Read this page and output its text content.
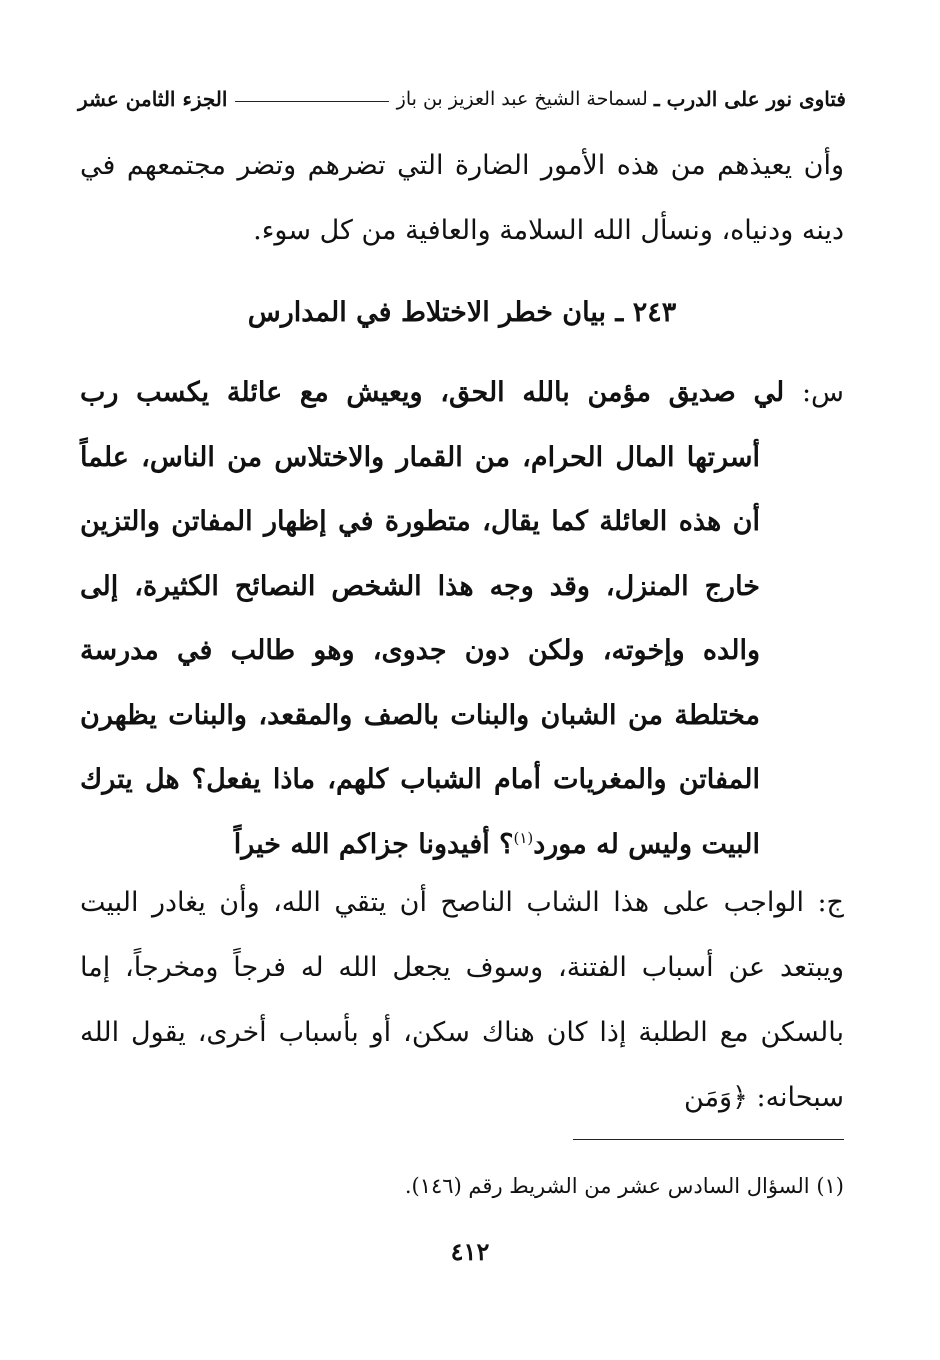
فتاوى نور على الدرب ـ
لسماحة الشيخ عبد العزيز بن باز
الجزء الثامن عشر

وأن يعيذهم من هذه الأمور الضارة التي تضرهم وتضر مجتمعهم في دينه ودنياه، ونسأل الله السلامة والعافية من كل سوء.

٢٤٣ ـ بيان خطر الاختلاط في المدارس
س: لي صديق مؤمن بالله الحق، ويعيش مع عائلة يكسب رب
أسرتها المال الحرام، من القمار والاختلاس من الناس، علماً أن هذه العائلة كما يقال، متطورة في إظهار المفاتن والتزين خارج المنزل، وقد وجه هذا الشخص النصائح الكثيرة، إلى والده وإخوته، ولكن دون جدوى، وهو طالب في مدرسة مختلطة من الشبان والبنات بالصف والمقعد، والبنات يظهرن المفاتن والمغريات أمام الشباب كلهم، ماذا يفعل؟ هل يترك البيت وليس له مورد$^{(١)}$؟ أفيدونا جزاكم الله خيراً

ج: الواجب على هذا الشاب الناصح أن يتقي الله، وأن يغادر البيت ويبتعد عن أسباب الفتنة، وسوف يجعل الله له فرجاً ومخرجاً، إما بالسكن مع الطلبة إذا كان هناك سكن، أو بأسباب أخرى، يقول الله سبحانه: ﴿وَمَن

(١) السؤال السادس عشر من الشريط رقم (١٤٦).

٤١٢
